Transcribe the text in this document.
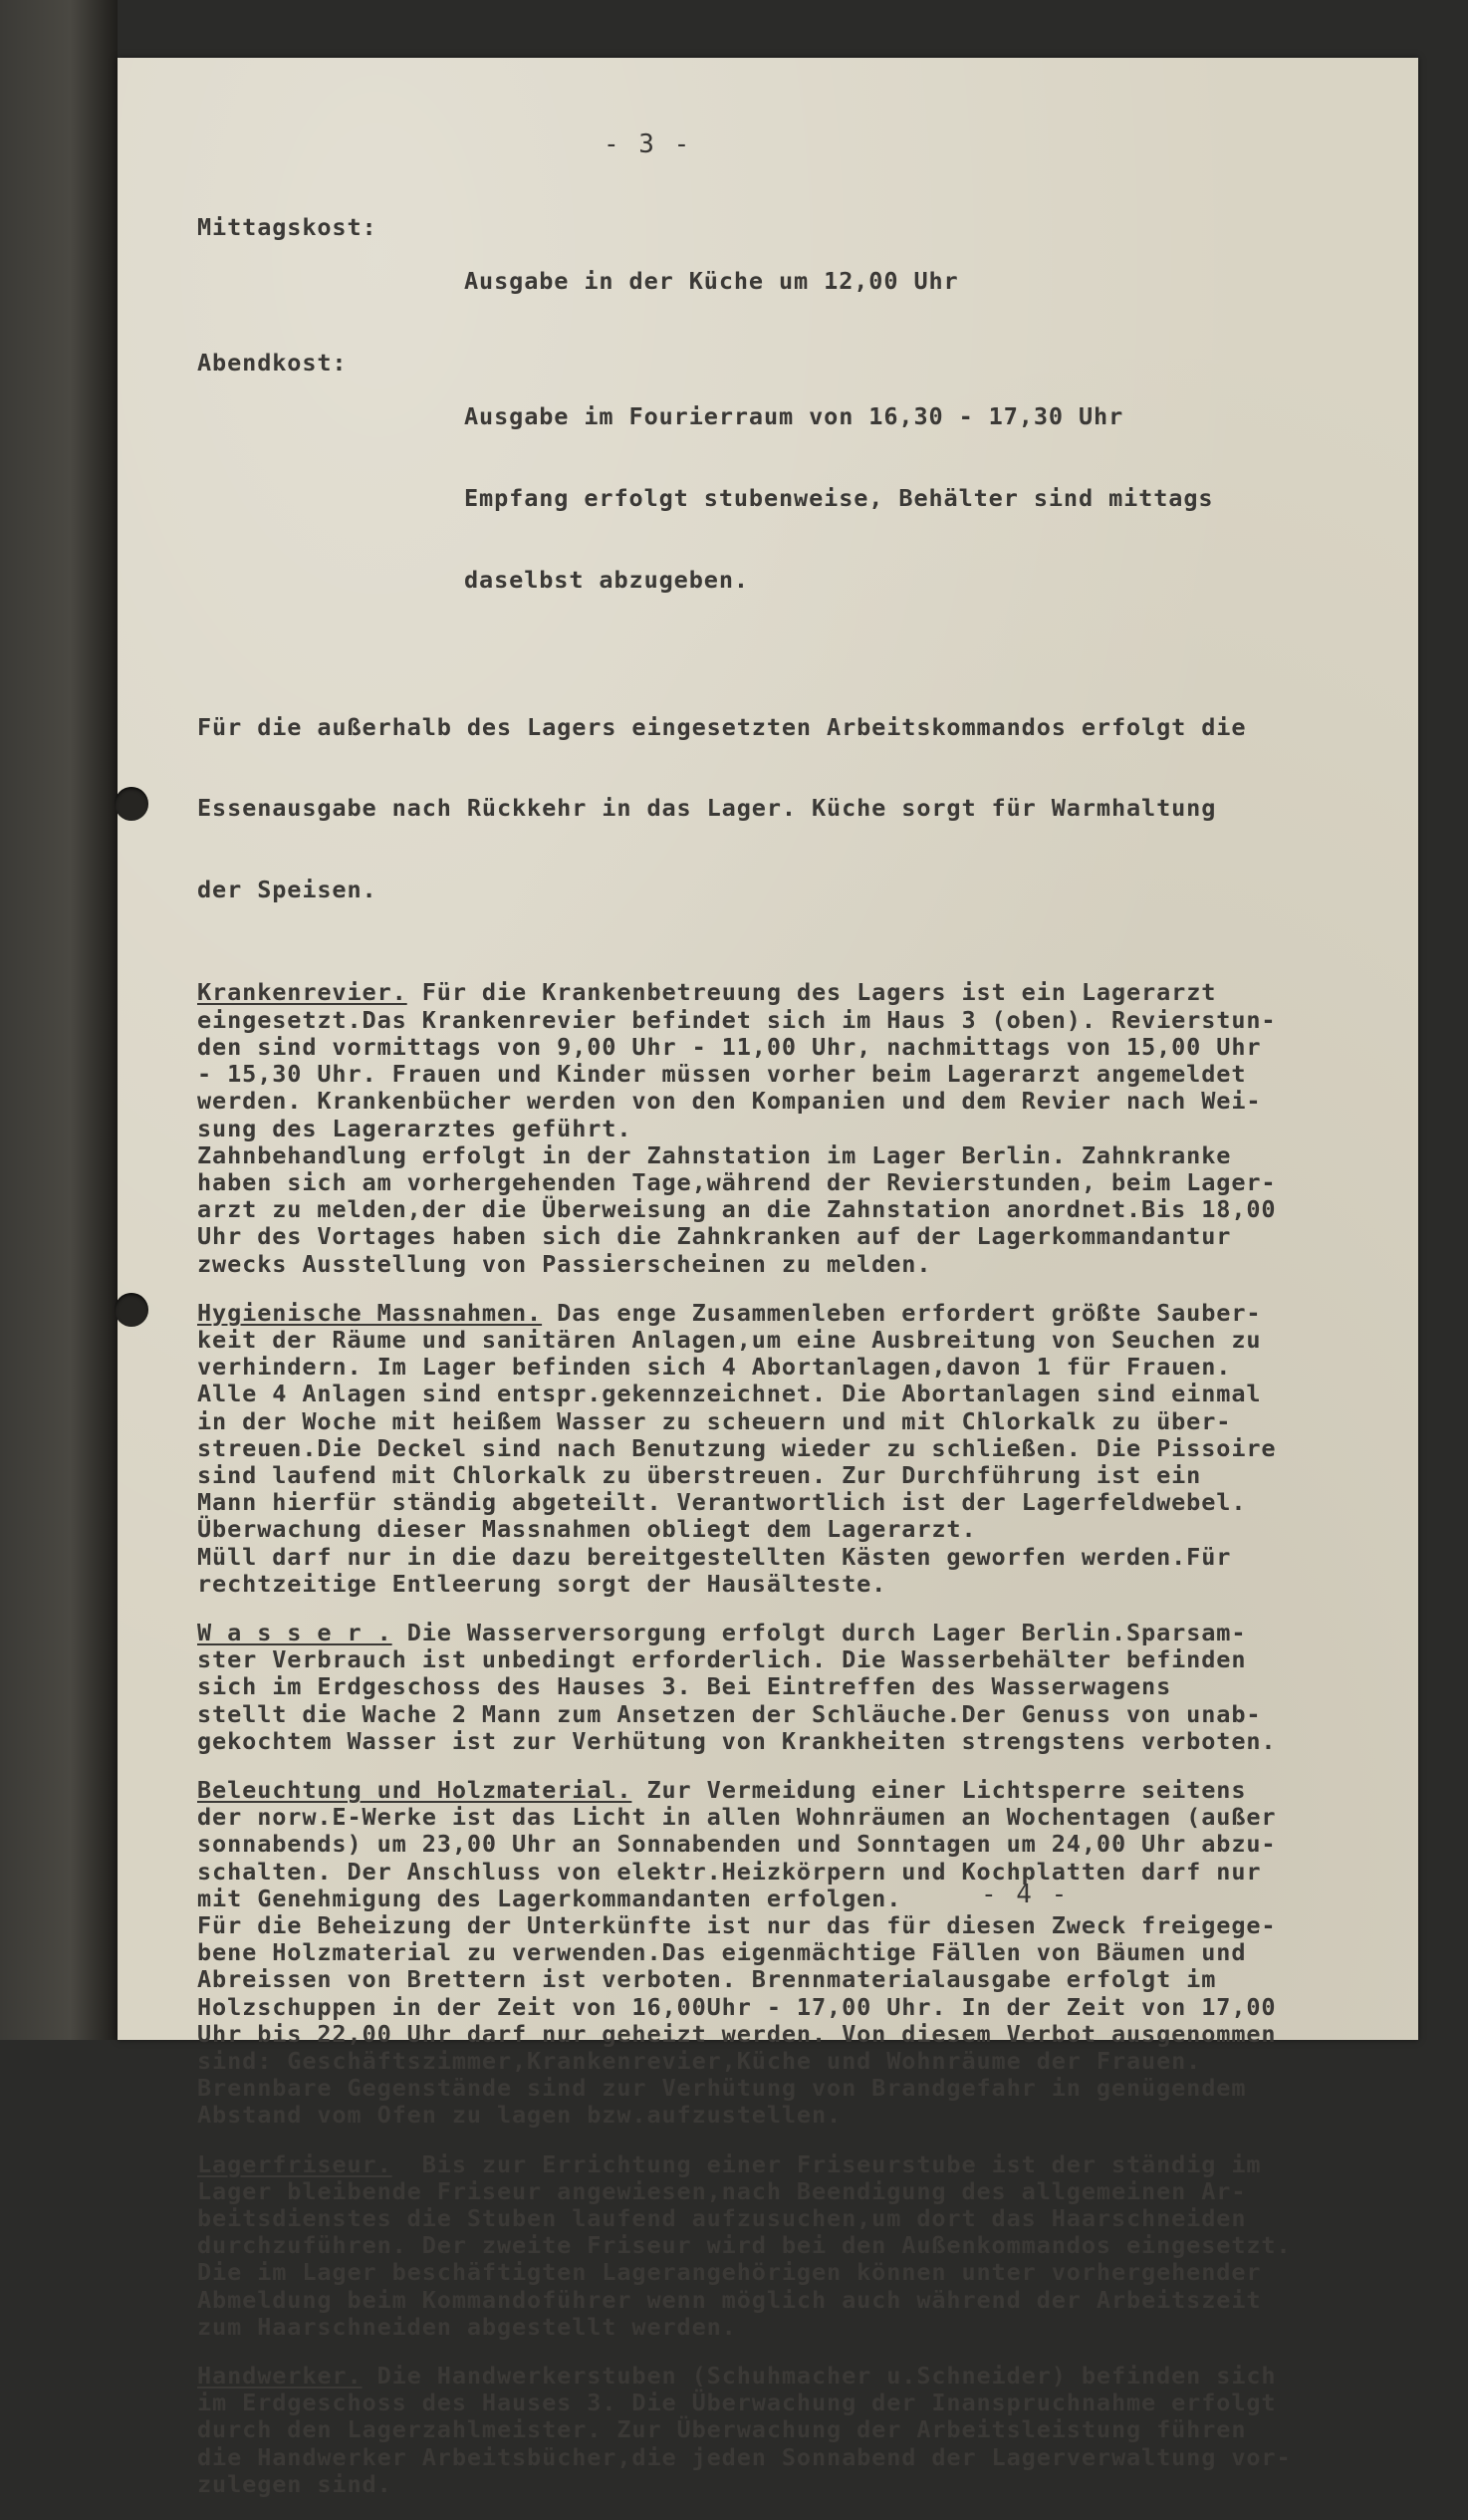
- 3 -
Mittagskost:

Ausgabe in der Küche um 12,00 Uhr

Abendkost:

Ausgabe im Fourierraum von 16,30 - 17,30 Uhr

Empfang erfolgt stubenweise, Behälter sind mittags

daselbst abzugeben.

Für die außerhalb des Lagers eingesetzten Arbeitskommandos erfolgt die

Essenausgabe nach Rückkehr in das Lager. Küche sorgt für Warmhaltung

der Speisen.

Krankenrevier. Für die Krankenbetreuung des Lagers ist ein Lagerarzt
eingesetzt.Das Krankenrevier befindet sich im Haus 3 (oben). Revierstun-
den sind vormittags von 9,00 Uhr - 11,00 Uhr, nachmittags von 15,00 Uhr
- 15,30 Uhr. Frauen und Kinder müssen vorher beim Lagerarzt angemeldet
werden. Krankenbücher werden von den Kompanien und dem Revier nach Wei-
sung des Lagerarztes geführt.
Zahnbehandlung erfolgt in der Zahnstation im Lager Berlin. Zahnkranke
haben sich am vorhergehenden Tage,während der Revierstunden, beim Lager-
arzt zu melden,der die Überweisung an die Zahnstation anordnet.Bis 18,00
Uhr des Vortages haben sich die Zahnkranken auf der Lagerkommandantur
zwecks Ausstellung von Passierscheinen zu melden.
Hygienische Massnahmen. Das enge Zusammenleben erfordert größte Sauber-
keit der Räume und sanitären Anlagen,um eine Ausbreitung von Seuchen zu
verhindern. Im Lager befinden sich 4 Abortanlagen,davon 1 für Frauen.
Alle 4 Anlagen sind entspr.gekennzeichnet. Die Abortanlagen sind einmal
in der Woche mit heißem Wasser zu scheuern und mit Chlorkalk zu über-
streuen.Die Deckel sind nach Benutzung wieder zu schließen. Die Pissoire
sind laufend mit Chlorkalk zu überstreuen. Zur Durchführung ist ein
Mann hierfür ständig abgeteilt. Verantwortlich ist der Lagerfeldwebel.
Überwachung dieser Massnahmen obliegt dem Lagerarzt.
Müll darf nur in die dazu bereitgestellten Kästen geworfen werden.Für
rechtzeitige Entleerung sorgt der Hausälteste.
W a s s e r . Die Wasserversorgung erfolgt durch Lager Berlin.Sparsam-
ster Verbrauch ist unbedingt erforderlich. Die Wasserbehälter befinden
sich im Erdgeschoss des Hauses 3. Bei Eintreffen des Wasserwagens
stellt die Wache 2 Mann zum Ansetzen der Schläuche.Der Genuss von unab-
gekochtem Wasser ist zur Verhütung von Krankheiten strengstens verboten.
Beleuchtung und Holzmaterial. Zur Vermeidung einer Lichtsperre seitens
der norw.E-Werke ist das Licht in allen Wohnräumen an Wochentagen (außer
sonnabends) um 23,00 Uhr an Sonnabenden und Sonntagen um 24,00 Uhr abzu-
schalten. Der Anschluss von elektr.Heizkörpern und Kochplatten darf nur
mit Genehmigung des Lagerkommandanten erfolgen.
Für die Beheizung der Unterkünfte ist nur das für diesen Zweck freigege-
bene Holzmaterial zu verwenden.Das eigenmächtige Fällen von Bäumen und
Abreissen von Brettern ist verboten. Brennmaterialausgabe erfolgt im
Holzschuppen in der Zeit von 16,00Uhr - 17,00 Uhr. In der Zeit von 17,00
Uhr bis 22,00 Uhr darf nur geheizt werden. Von diesem Verbot ausgenommen
sind: Geschäftszimmer,Krankenrevier,Küche und Wohnräume der Frauen.
Brennbare Gegenstände sind zur Verhütung von Brandgefahr in genügendem
Abstand vom Ofen zu lagen bzw.aufzustellen.
Lagerfriseur.  Bis zur Errichtung einer Friseurstube ist der ständig im
Lager bleibende Friseur angewiesen,nach Beendigung des allgemeinen Ar-
beitsdienstes die Stuben laufend aufzusuchen,um dort das Haarschneiden
durchzuführen. Der zweite Friseur wird bei den Außenkommandos eingesetzt.
Die im Lager beschäftigten Lagerangehörigen können unter vorhergehender
Abmeldung beim Kommandoführer wenn möglich auch während der Arbeitszeit
zum Haarschneiden abgestellt werden.
Handwerker. Die Handwerkerstuben (Schuhmacher u.Schneider) befinden sich
im Erdgeschoss des Hauses 3. Die Überwachung der Inanspruchnahme erfolgt
durch den Lagerzahlmeister. Zur Überwachung der Arbeitsleistung führen
die Handwerker Arbeitsbücher,die jeden Sonnabend der Lagerverwaltung vor-
zulegen sind.
- 4 -
